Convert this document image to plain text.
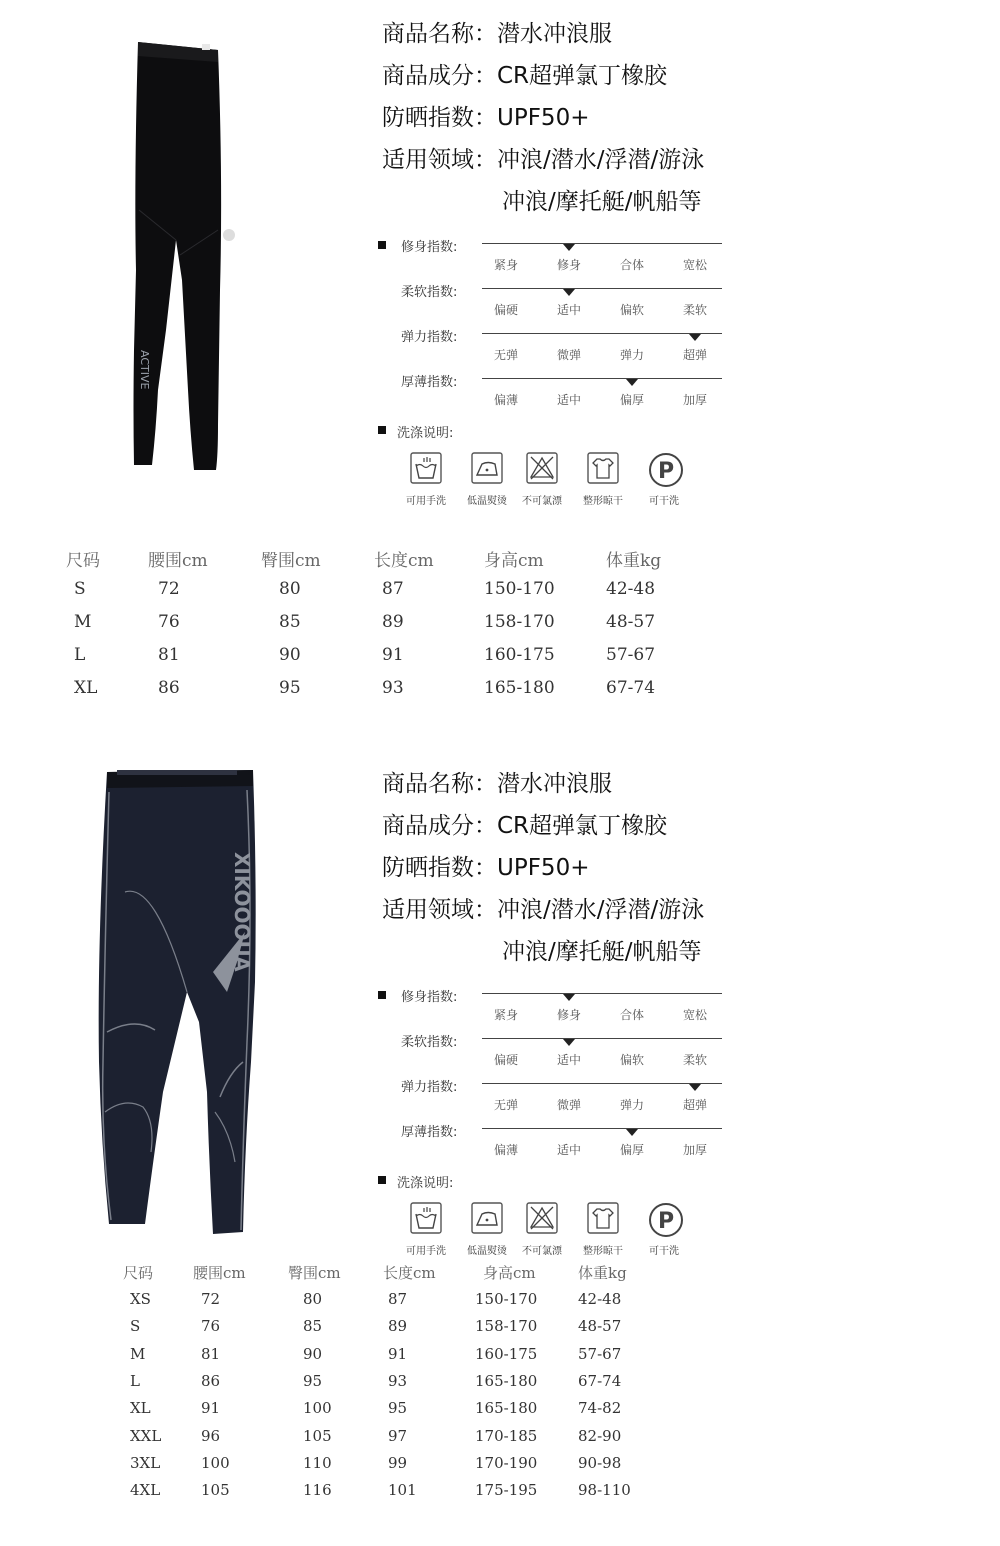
ACTIVE
商品名称：潜水冲浪服
商品成分：CR超弹氯丁橡胶
防晒指数：UPF50+
适用领域：冲浪/潜水/浮潜/游泳
冲浪/摩托艇/帆船等
修身指数:
紧身	修身	合体	宽松
柔软指数:
偏硬	适中	偏软	柔软
弹力指数:
无弹	微弹	弹力	超弹
厚薄指数:
偏薄	适中	偏厚	加厚
洗涤说明:
可用手洗	低温熨烫	不可氯漂	整形晾干
P
可干洗
尺码	腰围cm	臀围cm	长度cm	身高cm	体重kg
S	72	80	87	150-170	42-48
M	76	85	89	158-170	48-57
L	81	90	91	160-175	57-67
XL	86	95	93	165-180	67-74
XIKOOOUA
商品名称：潜水冲浪服
商品成分：CR超弹氯丁橡胶
防晒指数：UPF50+
适用领域：冲浪/潜水/浮潜/游泳
冲浪/摩托艇/帆船等
修身指数:
紧身	修身	合体	宽松
柔软指数:
偏硬	适中	偏软	柔软
弹力指数:
无弹	微弹	弹力	超弹
厚薄指数:
偏薄	适中	偏厚	加厚
洗涤说明:
可用手洗	低温熨烫	不可氯漂	整形晾干
P
可干洗
尺码	腰围cm	臀围cm	长度cm	身高cm	体重kg
XS	72	80	87	150-170	42-48
S	76	85	89	158-170	48-57
M	81	90	91	160-175	57-67
L	86	95	93	165-180	67-74
XL	91	100	95	165-180	74-82
XXL	96	105	97	170-185	82-90
3XL	100	110	99	170-190	90-98
4XL	105	116	101	175-195	98-110
